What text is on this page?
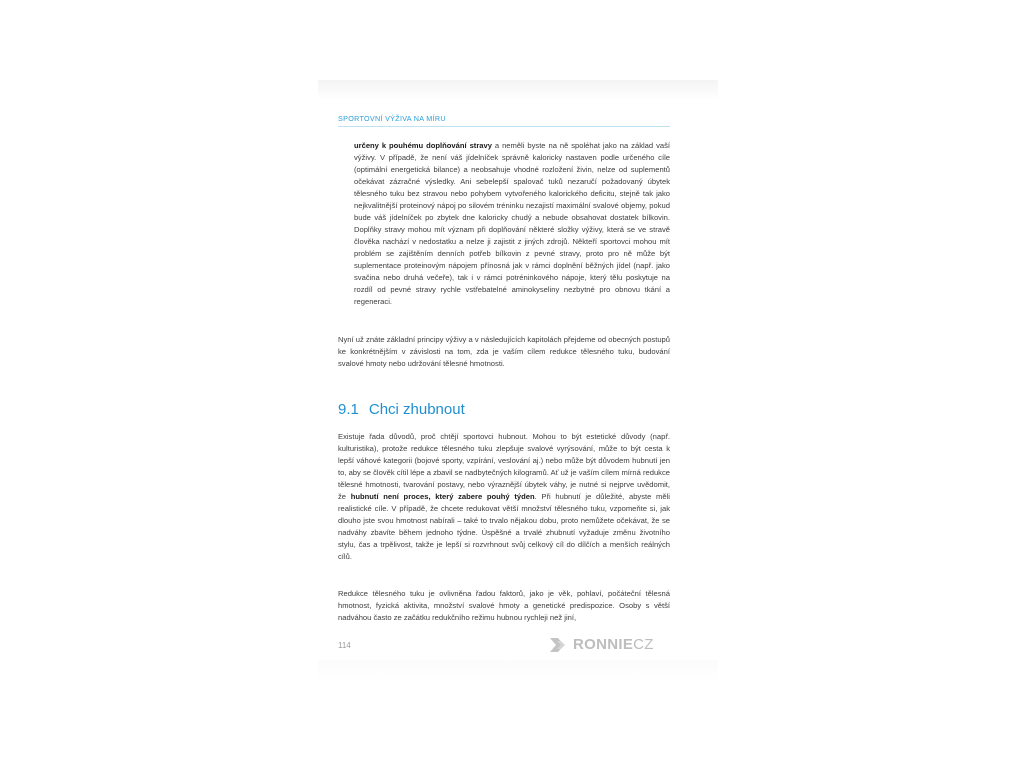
SPORTOVNÍ VÝŽIVA NA MÍRU

určeny k pouhému doplňování stravy a neměli byste na ně spoléhat jako na základ vaší výživy. V případě, že není váš jídelníček správně kaloricky nastaven podle určeného cíle (optimální energetická bilance) a neobsahuje vhodné rozložení živin, nelze od suplementů očekávat zázračné výsledky. Ani sebelepší spalovač tuků nezaručí požadovaný úbytek tělesného tuku bez stravou nebo pohybem vytvořeného kalorického deficitu, stejně tak jako nejkvalitnější proteinový nápoj po silovém tréninku nezajistí maximální svalové objemy, pokud bude váš jídelníček po zbytek dne kaloricky chudý a nebude obsahovat dostatek bílkovin. Doplňky stravy mohou mít význam při doplňování některé složky výživy, která se ve stravě člověka nachází v nedostatku a nelze ji zajistit z jiných zdrojů. Někteří sportovci mohou mít problém se zajištěním denních potřeb bílkovin z pevné stravy, proto pro ně může být suplementace proteinovým nápojem přínosná jak v rámci doplnění běžných jídel (např. jako svačina nebo druhá večeře), tak i v rámci potréninkového nápoje, který tělu poskytuje na rozdíl od pevné stravy rychle vstřebatelné aminokyseliny nezbytné pro obnovu tkání a regeneraci.

Nyní už znáte základní principy výživy a v následujících kapitolách přejdeme od obecných postupů ke konkrétnějším v závislosti na tom, zda je vaším cílem redukce tělesného tuku, budování svalové hmoty nebo udržování tělesné hmotnosti.

9.1 Chci zhubnout

Existuje řada důvodů, proč chtějí sportovci hubnout. Mohou to být estetické důvody (např. kulturistika), protože redukce tělesného tuku zlepšuje svalové vyrýsování, může to být cesta k lepší váhové kategorii (bojové sporty, vzpírání, veslování aj.) nebo může být důvodem hubnutí jen to, aby se člověk cítil lépe a zbavil se nadbytečných kilogramů. Ať už je vaším cílem mírná redukce tělesné hmotnosti, tvarování postavy, nebo výraznější úbytek váhy, je nutné si nejprve uvědomit, že hubnutí není proces, který zabere pouhý týden. Při hubnutí je důležité, abyste měli realistické cíle. V případě, že chcete redukovat větší množství tělesného tuku, vzpomeňte si, jak dlouho jste svou hmotnost nabírali – také to trvalo nějakou dobu, proto nemůžete očekávat, že se nadváhy zbavíte během jednoho týdne. Úspěšné a trvalé zhubnutí vyžaduje změnu životního stylu, čas a trpělivost, takže je lepší si rozvrhnout svůj celkový cíl do dílčích a menších reálných cílů.

Redukce tělesného tuku je ovlivněna řadou faktorů, jako je věk, pohlaví, počáteční tělesná hmotnost, fyzická aktivita, množství svalové hmoty a genetické predispozice. Osoby s větší nadváhou často ze začátku redukčního režimu hubnou rychleji než jiní,

114	RONNIECZ
